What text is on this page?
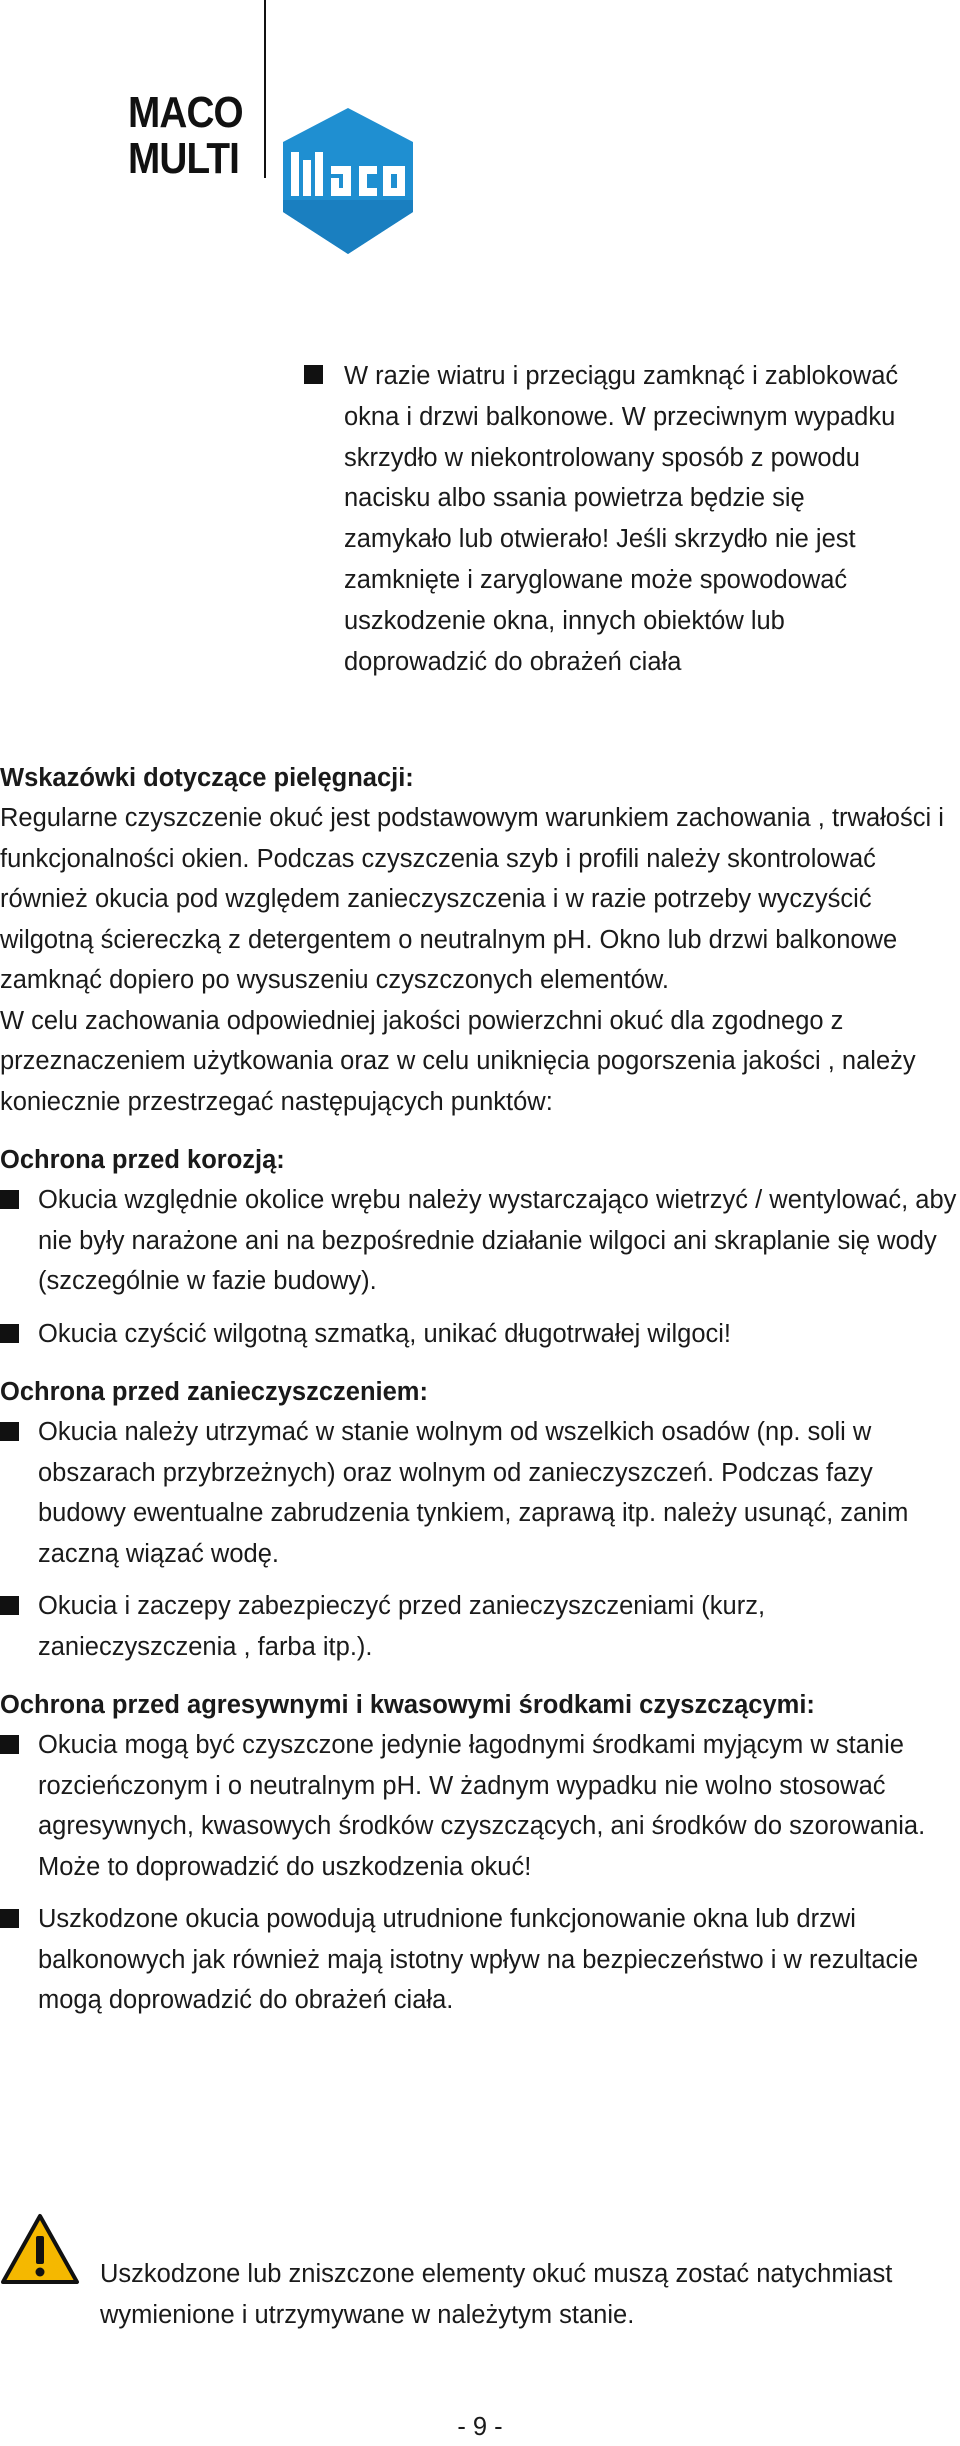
MACO
MULTI

W razie wiatru i przeciągu zamknąć i zablokować okna i drzwi balkonowe. W przeciwnym wypadku skrzydło w niekontrolowany sposób z powodu nacisku albo ssania powietrza będzie się zamykało lub otwierało! Jeśli skrzydło nie jest zamknięte i zaryglowane może spowodować uszkodzenie okna, innych obiektów lub doprowadzić do obrażeń ciała

Wskazówki dotyczące pielęgnacji:

Regularne czyszczenie okuć jest podstawowym warunkiem zachowania , trwałości i funkcjonalności okien. Podczas czyszczenia szyb i profili należy skontrolować również okucia pod względem zanieczyszczenia i w razie potrzeby wyczyścić wilgotną ściereczką z detergentem o neutralnym pH. Okno lub drzwi balkonowe zamknąć dopiero po wysuszeniu czyszczonych elementów.

W celu zachowania odpowiedniej jakości powierzchni okuć dla zgodnego z przeznaczeniem użytkowania oraz w celu uniknięcia pogorszenia jakości , należy koniecznie przestrzegać następujących punktów:

Ochrona przed korozją:

Okucia względnie okolice wrębu należy wystarczająco wietrzyć / wentylować, aby nie były narażone ani na bezpośrednie działanie wilgoci ani skraplanie się wody (szczególnie w fazie budowy).

Okucia czyścić wilgotną szmatką, unikać długotrwałej wilgoci!

Ochrona przed zanieczyszczeniem:

Okucia należy utrzymać w stanie wolnym od wszelkich osadów (np. soli w obszarach przybrzeżnych) oraz wolnym od zanieczyszczeń. Podczas fazy budowy ewentualne zabrudzenia tynkiem, zaprawą itp. należy usunąć, zanim zaczną wiązać wodę.

Okucia i zaczepy zabezpieczyć przed zanieczyszczeniami (kurz, zanieczyszczenia , farba itp.).

Ochrona przed agresywnymi i kwasowymi środkami czyszczącymi:

Okucia mogą być czyszczone jedynie łagodnymi środkami myjącym w stanie rozcieńczonym i o neutralnym pH. W żadnym wypadku nie wolno stosować agresywnych, kwasowych środków czyszczących, ani środków do szorowania. Może to doprowadzić do uszkodzenia okuć!

Uszkodzone okucia powodują utrudnione funkcjonowanie okna lub drzwi balkonowych jak również mają istotny wpływ na bezpieczeństwo i w rezultacie mogą doprowadzić do obrażeń ciała.

Uszkodzone lub zniszczone elementy okuć muszą zostać natychmiast wymienione i utrzymywane w należytym stanie.

- 9 -
